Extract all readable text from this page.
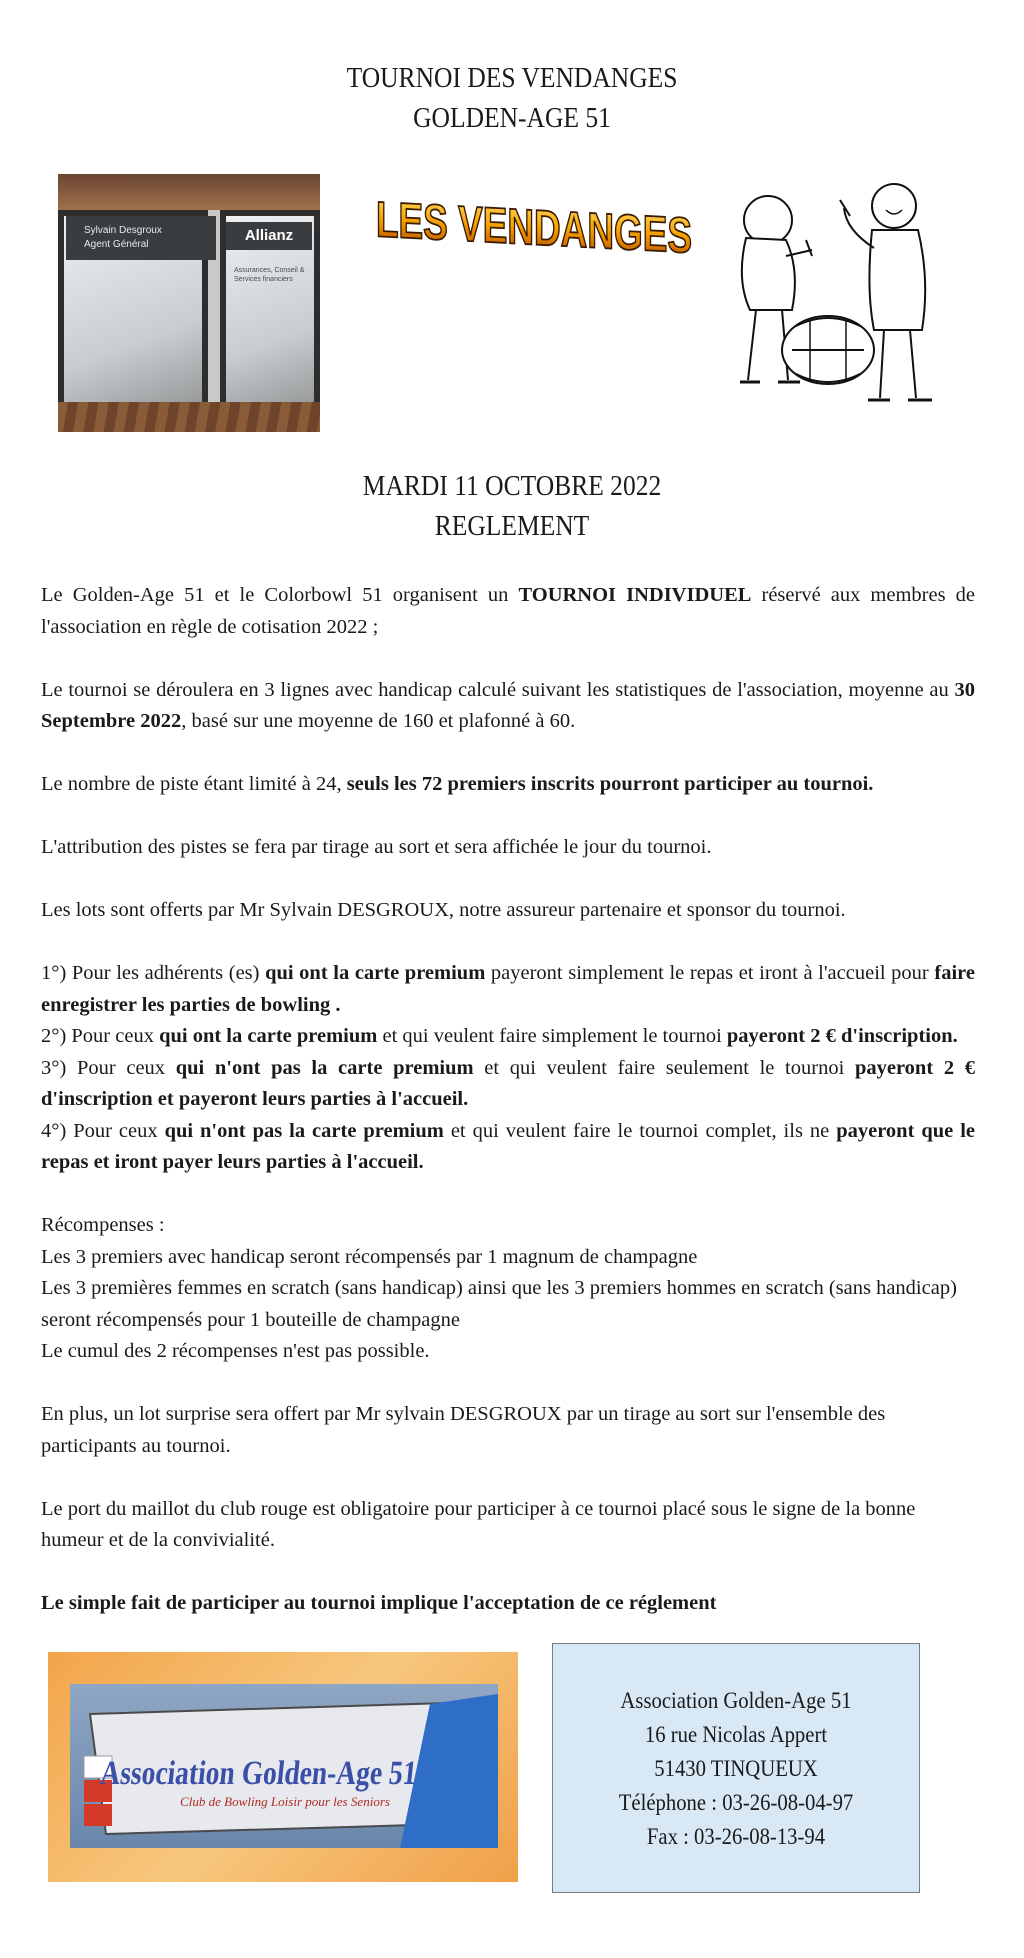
TOURNOI DES VENDANGES
GOLDEN-AGE 51
Sylvain Desgroux
Agent Général
Allianz
Assurances, Conseil & Services financiers
LES VENDANGES
MARDI 11 OCTOBRE 2022
REGLEMENT

Le Golden-Age 51 et le Colorbowl 51 organisent un TOURNOI INDIVIDUEL réservé aux membres de l'association en règle de cotisation 2022 ;

Le tournoi se déroulera en 3 lignes avec handicap calculé suivant les statistiques de l'association, moyenne au 30 Septembre 2022, basé sur une moyenne de 160 et plafonné à 60.

Le nombre de piste étant limité à 24, seuls les 72 premiers inscrits pourront participer au tournoi.

L'attribution des pistes se fera par tirage au sort et sera affichée le jour du tournoi.

Les lots sont offerts par Mr Sylvain DESGROUX, notre assureur partenaire et sponsor du tournoi.

1°) Pour les adhérents (es) qui ont la carte premium payeront simplement le repas et iront à l'accueil pour faire enregistrer les parties de bowling .

2°) Pour ceux qui ont la carte premium et qui veulent faire simplement le tournoi payeront 2 € d'inscription.

3°) Pour ceux qui n'ont pas la carte premium et qui veulent faire seulement le tournoi payeront 2 € d'inscription et payeront leurs parties à l'accueil.

4°) Pour ceux qui n'ont pas la carte premium et qui veulent faire le tournoi complet, ils ne payeront que le repas et iront payer leurs parties à l'accueil.

Récompenses :

Les 3 premiers avec handicap seront récompensés par 1 magnum de champagne

Les 3 premières femmes en scratch (sans handicap) ainsi que les 3 premiers hommes en scratch (sans handicap) seront récompensés pour 1 bouteille de champagne

Le cumul des 2 récompenses n'est pas possible.

En plus, un lot surprise sera offert par Mr sylvain DESGROUX par un tirage au sort sur l'ensemble des participants au tournoi.

Le port du maillot du club rouge est obligatoire pour participer à ce tournoi placé sous le signe de la bonne humeur et de la convivialité.

Le simple fait de participer au tournoi implique l'acceptation de ce réglement

Association Golden-Age 51
Club de Bowling Loisir pour les Seniors
Association Golden-Age 51
16 rue Nicolas Appert
51430 TINQUEUX
Téléphone : 03-26-08-04-97
Fax : 03-26-08-13-94
